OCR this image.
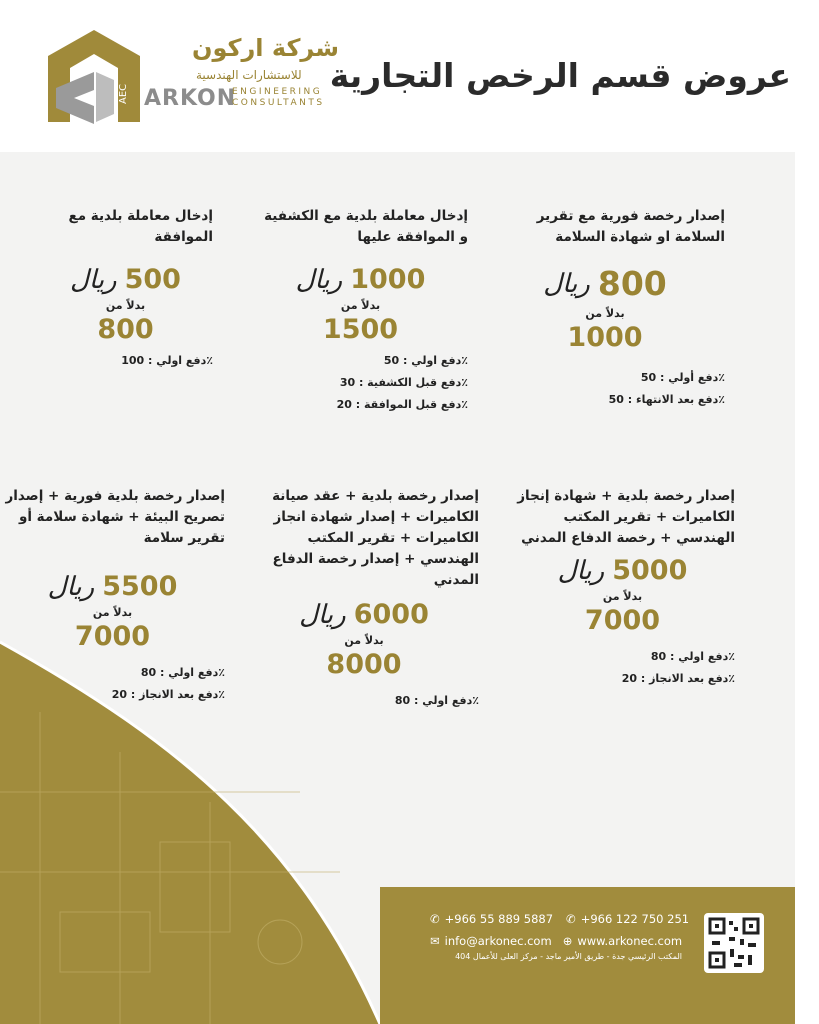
AEC
شركة اركون
للاستشارات الهندسية
ARKON
ENGINEERING
CONSULTANTS
عروض قسم الرخص التجارية
إصدار رخصة فورية مع تقرير السلامة او شهادة السلامة
ريال 800
بدلاً من
1000
٪دفع أولي : 50
٪دفع بعد الانتهاء : 50
إدخال معاملة بلدية مع الكشفية و الموافقة عليها
ريال 1000
بدلاً من
1500
٪دفع اولي : 50
٪دفع قبل الكشفية : 30
٪دفع قبل الموافقة : 20
إدخال معاملة بلدية مع الموافقة
ريال 500
بدلاً من
800
٪دفع اولي : 100
إصدار رخصة بلدية + شهادة إنجاز الكاميرات + تقرير المكتب الهندسي + رخصة الدفاع المدني
ريال 5000
بدلاً من
7000
٪دفع اولي : 80
٪دفع بعد الانجاز : 20
إصدار رخصة بلدية + عقد صيانة الكاميرات + إصدار شهادة انجاز الكاميرات + تقرير المكتب الهندسي + إصدار رخصة الدفاع المدني
ريال 6000
بدلاً من
8000
٪دفع اولي : 80
إصدار رخصة بلدية فورية + إصدار تصريح البيئة + شهادة سلامة أو تقرير سلامة
ريال 5500
بدلاً من
7000
٪دفع اولي : 80
٪دفع بعد الانجاز : 20
✆ +966 55 889 5887 ✆ +966 122 750 251
✉ info@arkonec.com ⊕ www.arkonec.com
المكتب الرئيسي جدة - طريق الأمير ماجد - مركز العلى للأعمال 404
